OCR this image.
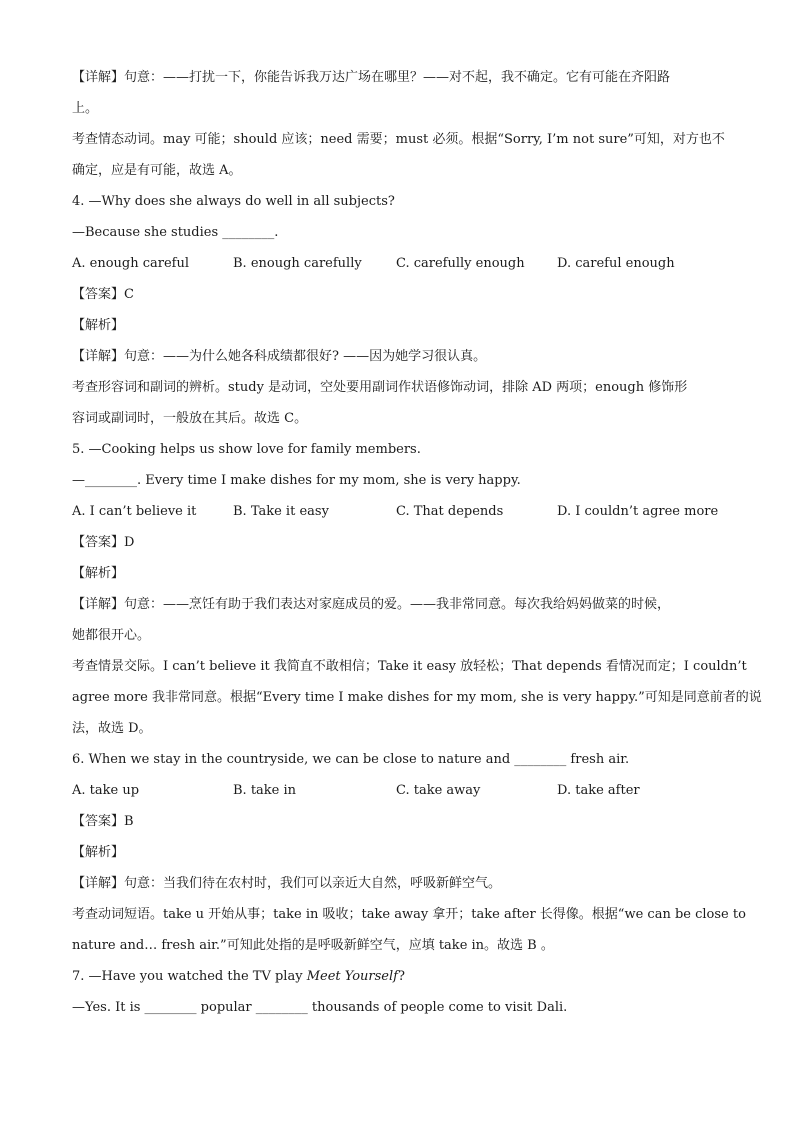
【详解】句意：——打扰一下，你能告诉我万达广场在哪里？——对不起，我不确定。它有可能在齐阳路
上。
考查情态动词。may 可能；should 应该；need 需要；must 必须。根据“Sorry, I’m not sure”可知，对方也不
确定，应是有可能，故选 A。
4. —Why does she always do well in all subjects?
—Because she studies ________.
A. enough careful	B. enough carefully	C. carefully enough	D. careful enough
【答案】C
【解析】
【详解】句意：——为什么她各科成绩都很好? ——因为她学习很认真。
考查形容词和副词的辨析。study 是动词，空处要用副词作状语修饰动词，排除 AD 两项；enough 修饰形
容词或副词时，一般放在其后。故选 C。
5. —Cooking helps us show love for family members.
—________. Every time I make dishes for my mom, she is very happy.
A. I can’t believe it	B. Take it easy	C. That depends	D. I couldn’t agree more
【答案】D
【解析】
【详解】句意：——烹饪有助于我们表达对家庭成员的爱。——我非常同意。每次我给妈妈做菜的时候，
她都很开心。
考查情景交际。I can’t believe it 我简直不敢相信；Take it easy 放轻松；That depends 看情况而定；I couldn’t
agree more 我非常同意。根据“Every time I make dishes for my mom, she is very happy.”可知是同意前者的说
法，故选 D。
6. When we stay in the countryside, we can be close to nature and ________ fresh air.
A. take up	B. take in	C. take away	D. take after
【答案】B
【解析】
【详解】句意：当我们待在农村时，我们可以亲近大自然，呼吸新鲜空气。
考查动词短语。take u 开始从事；take in 吸收；take away 拿开；take after 长得像。根据“we can be close to
nature and… fresh air.”可知此处指的是呼吸新鲜空气，应填 take in。故选 B 。
7. —Have you watched the TV play Meet Yourself?
—Yes. It is ________ popular ________ thousands of people come to visit Dali.
